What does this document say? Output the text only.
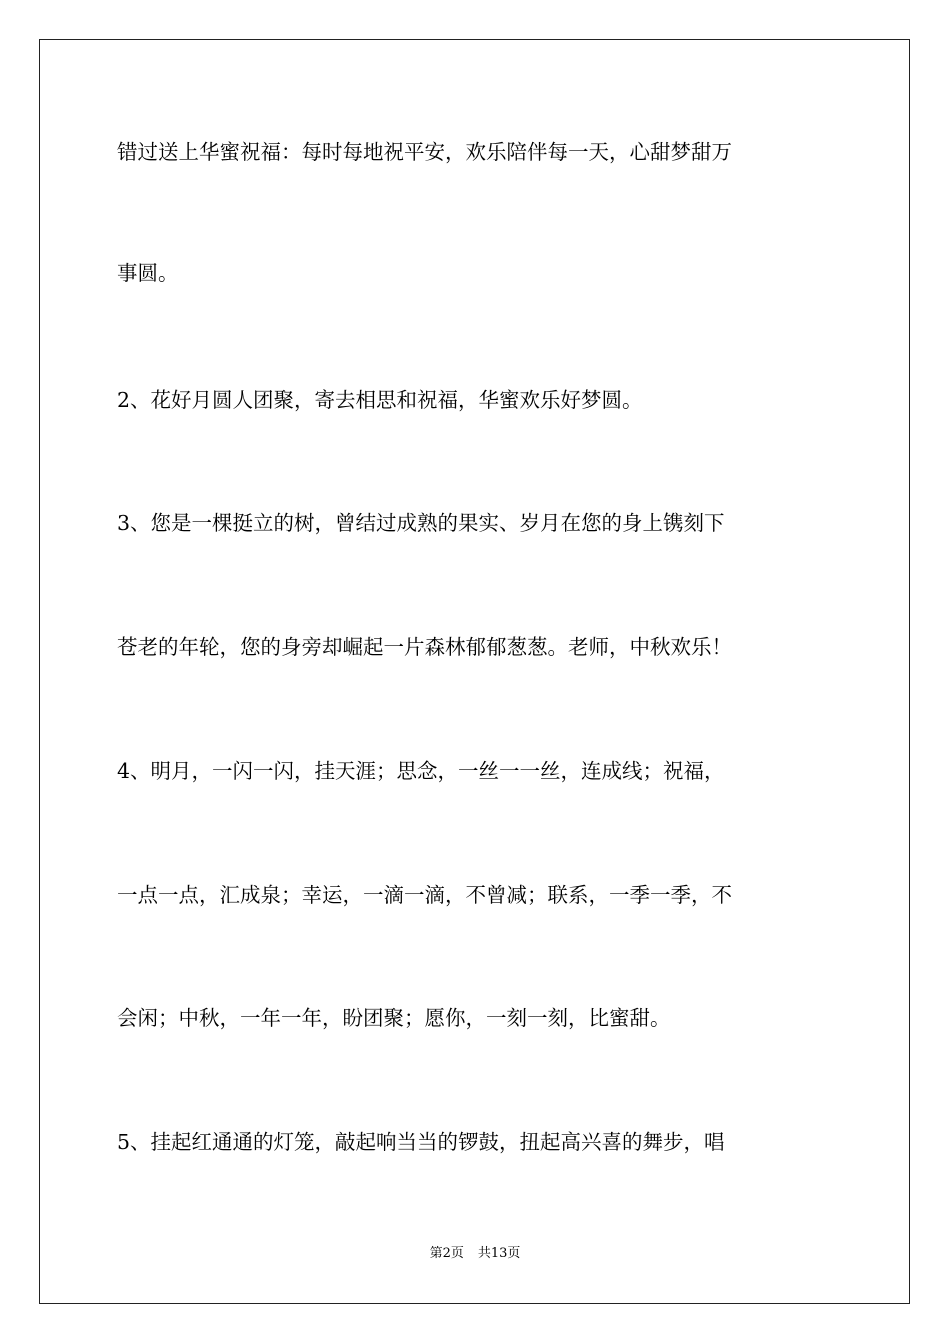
错过送上华蜜祝福：每时每地祝平安，欢乐陪伴每一天，心甜梦甜万
事圆。
2、花好月圆人团聚，寄去相思和祝福，华蜜欢乐好梦圆。
3、您是一棵挺立的树，曾结过成熟的果实、岁月在您的身上镌刻下
苍老的年轮，您的身旁却崛起一片森林郁郁葱葱。老师，中秋欢乐！
4、明月，一闪一闪，挂天涯；思念，一丝一一丝，连成线；祝福，
一点一点，汇成泉；幸运，一滴一滴，不曾减；联系，一季一季，不
会闲；中秋，一年一年，盼团聚；愿你，一刻一刻，比蜜甜。
5、挂起红通通的灯笼，敲起响当当的锣鼓，扭起高兴喜的舞步，唱
第2页 共13页
